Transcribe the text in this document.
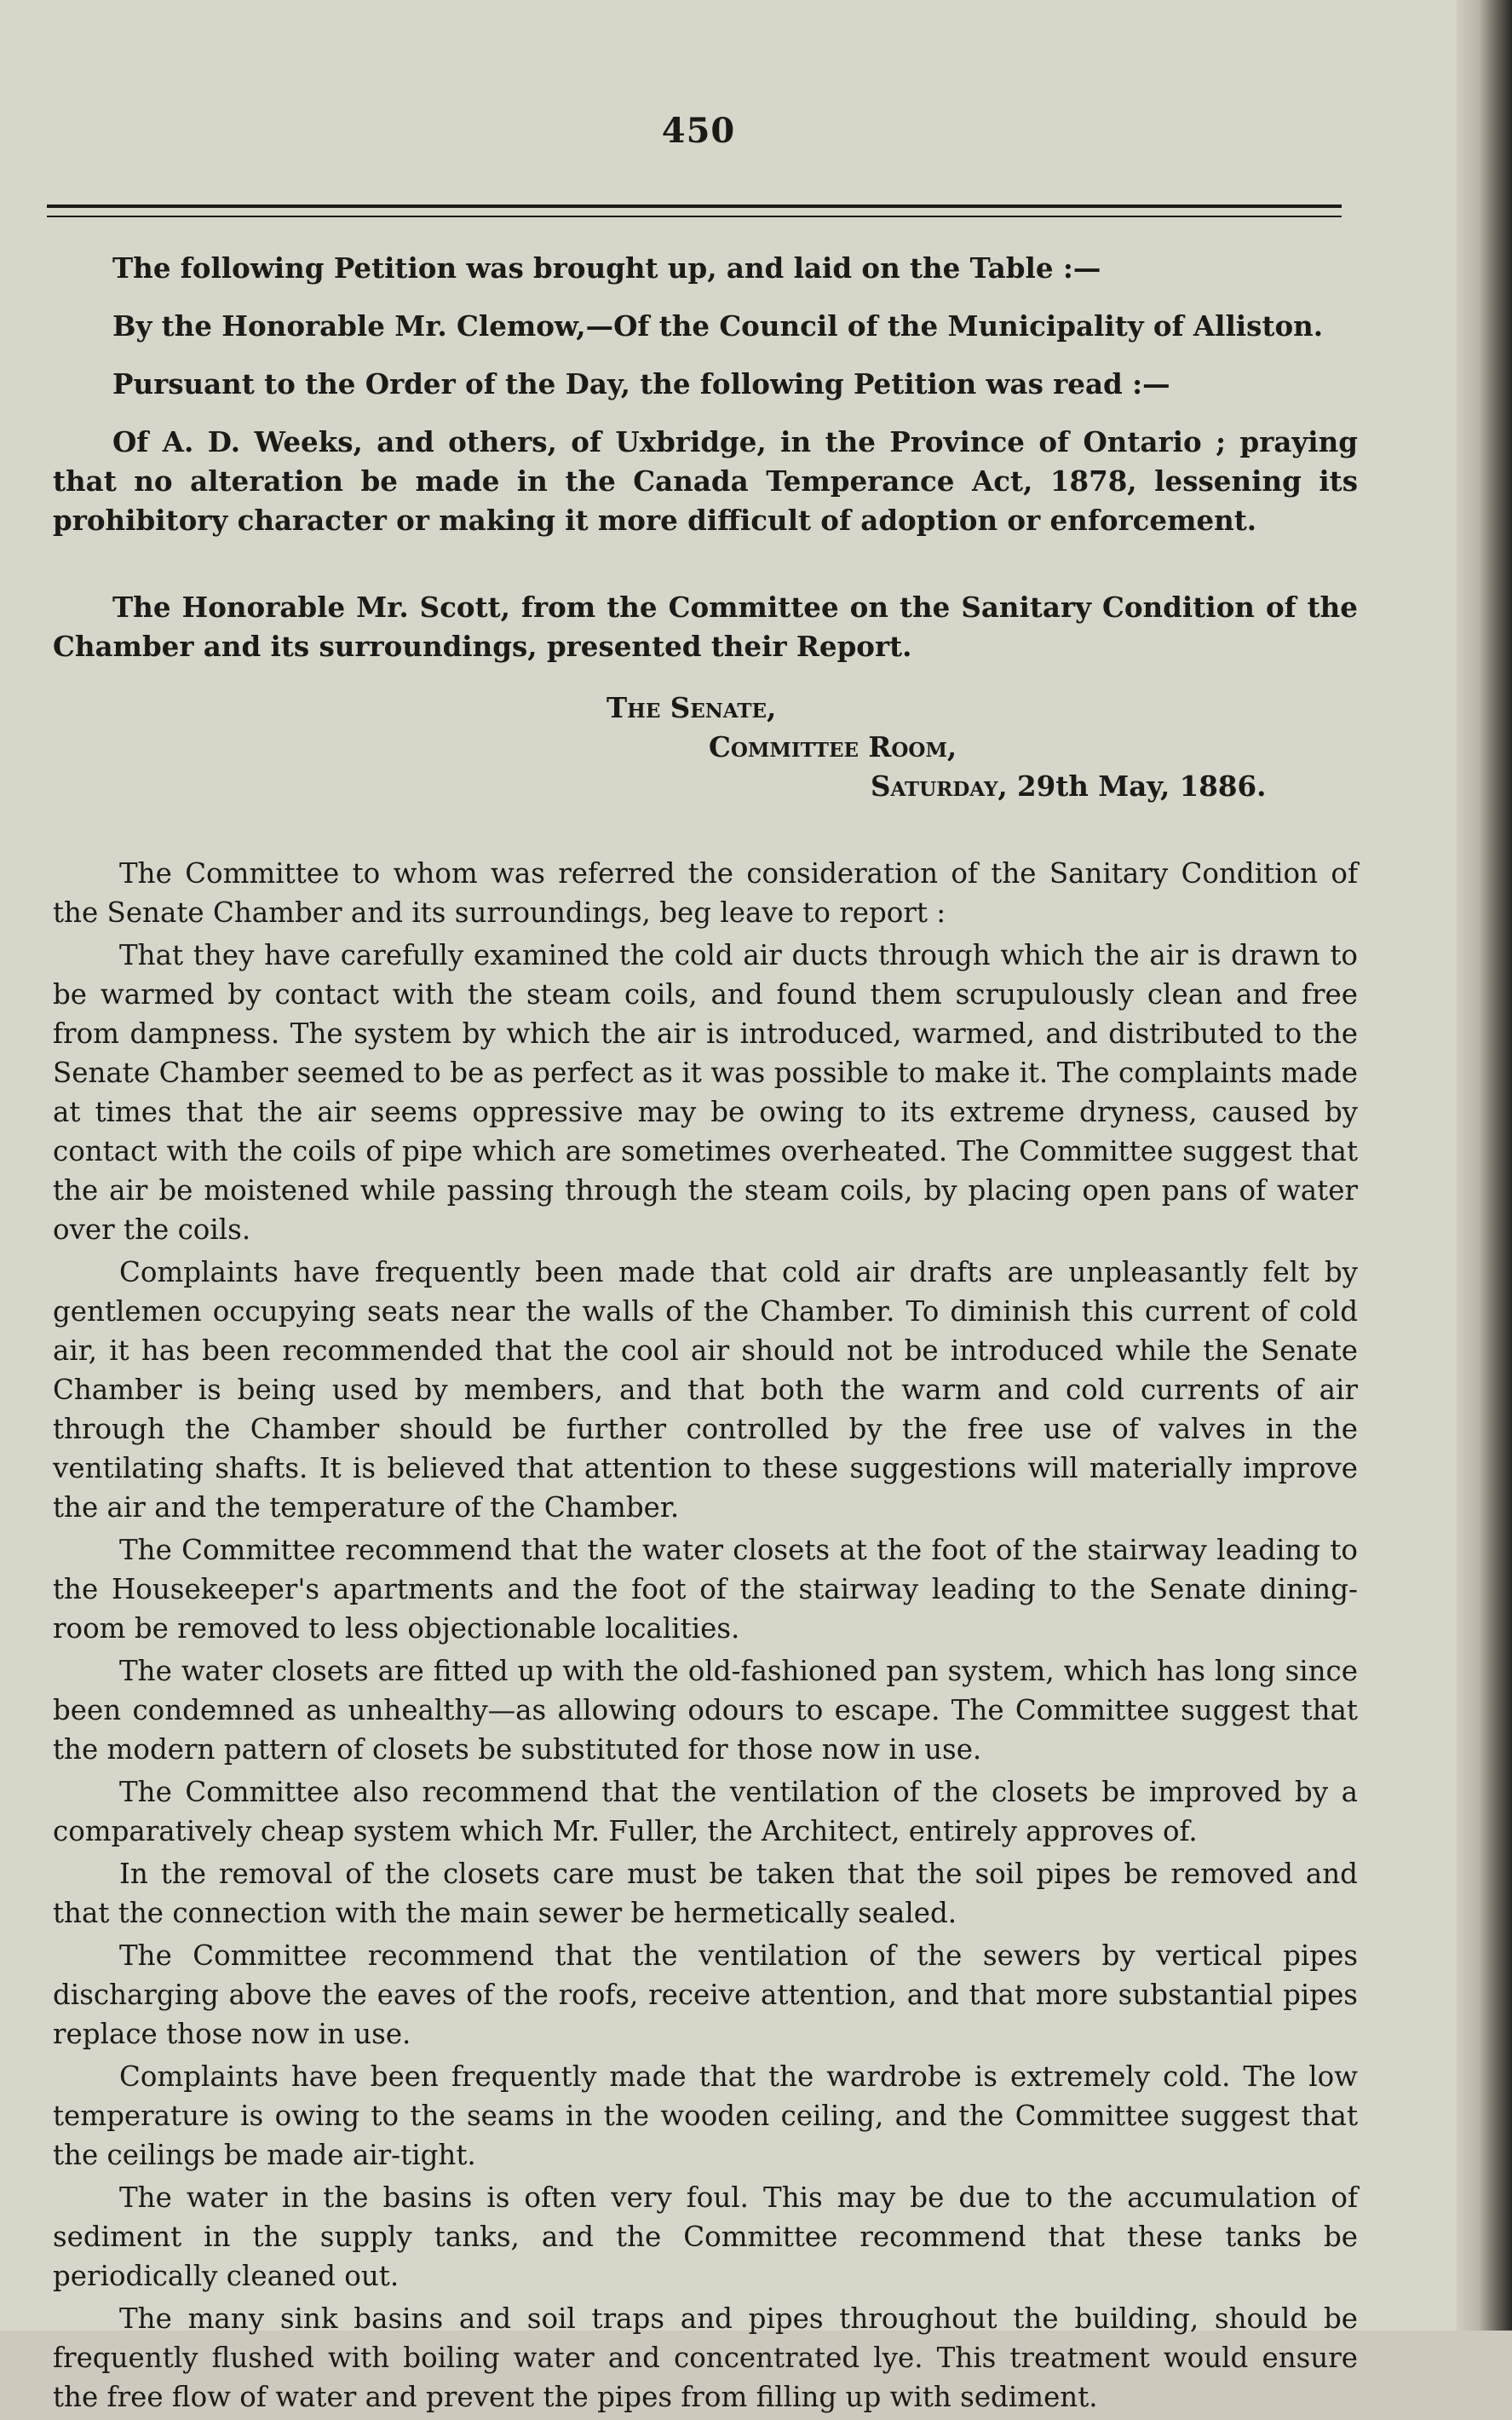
450

The following Petition was brought up, and laid on the Table :—

By the Honorable Mr. Clemow,—Of the Council of the Municipality of Alliston.

Pursuant to the Order of the Day, the following Petition was read :—

Of A. D. Weeks, and others, of Uxbridge, in the Province of Ontario ; praying that no alteration be made in the Canada Temperance Act, 1878, lessening its prohibitory character or making it more difficult of adoption or enforcement.

The Honorable Mr. Scott, from the Committee on the Sanitary Condition of the Chamber and its surroundings, presented their Report.

The Senate,
Committee Room,
Saturday, 29th May, 1886.

The Committee to whom was referred the consideration of the Sanitary Condition of the Senate Chamber and its surroundings, beg leave to report :

That they have carefully examined the cold air ducts through which the air is drawn to be warmed by contact with the steam coils, and found them scrupulously clean and free from dampness. The system by which the air is introduced, warmed, and distributed to the Senate Chamber seemed to be as perfect as it was possible to make it. The complaints made at times that the air seems oppressive may be owing to its extreme dryness, caused by contact with the coils of pipe which are sometimes overheated. The Committee suggest that the air be moistened while passing through the steam coils, by placing open pans of water over the coils.

Complaints have frequently been made that cold air drafts are unpleasantly felt by gentlemen occupying seats near the walls of the Chamber. To diminish this current of cold air, it has been recommended that the cool air should not be introduced while the Senate Chamber is being used by members, and that both the warm and cold currents of air through the Chamber should be further controlled by the free use of valves in the ventilating shafts. It is believed that attention to these suggestions will materially improve the air and the temperature of the Chamber.

The Committee recommend that the water closets at the foot of the stairway leading to the Housekeeper's apartments and the foot of the stairway leading to the Senate dining-room be removed to less objectionable localities.

The water closets are fitted up with the old-fashioned pan system, which has long since been condemned as unhealthy—as allowing odours to escape. The Committee suggest that the modern pattern of closets be substituted for those now in use.

The Committee also recommend that the ventilation of the closets be improved by a comparatively cheap system which Mr. Fuller, the Architect, entirely approves of.

In the removal of the closets care must be taken that the soil pipes be removed and that the connection with the main sewer be hermetically sealed.

The Committee recommend that the ventilation of the sewers by vertical pipes discharging above the eaves of the roofs, receive attention, and that more substantial pipes replace those now in use.

Complaints have been frequently made that the wardrobe is extremely cold. The low temperature is owing to the seams in the wooden ceiling, and the Committee suggest that the ceilings be made air-tight.

The water in the basins is often very foul. This may be due to the accumulation of sediment in the supply tanks, and the Committee recommend that these tanks be periodically cleaned out.

The many sink basins and soil traps and pipes throughout the building, should be frequently flushed with boiling water and concentrated lye. This treatment would ensure the free flow of water and prevent the pipes from filling up with sediment.
